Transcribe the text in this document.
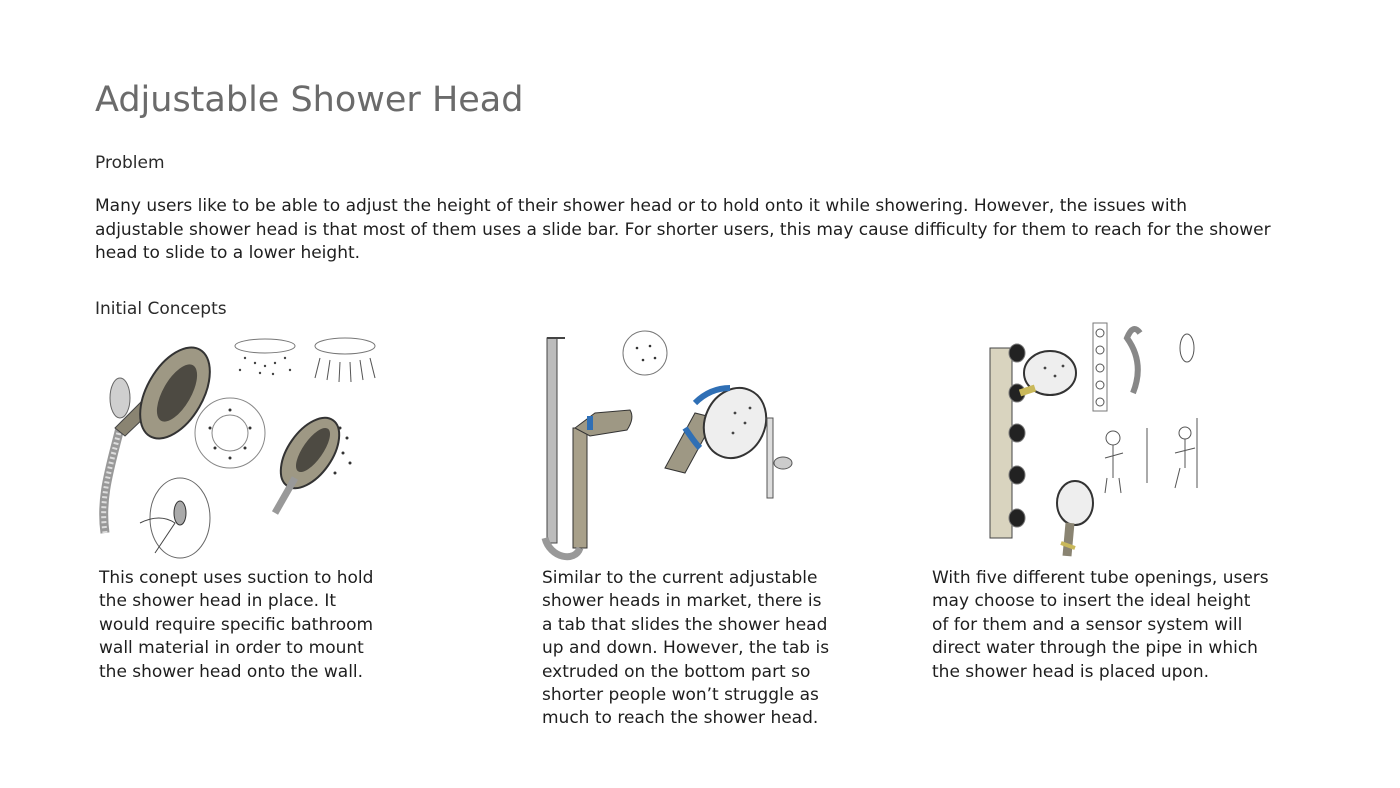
Adjustable Shower Head
Problem

Many users like to be able to adjust the height of their shower head or to hold onto it while showering. However, the issues with adjustable shower head is that most of them uses a slide bar. For shorter users, this may cause difficulty for them to reach for the shower head to slide to a lower height.

Initial Concepts

This conept uses suction to hold
the shower head in place. It
would require specific bathroom
wall material in order to mount
the shower head onto the wall.

Similar to the current adjustable
shower heads in market, there is
a tab that slides the shower head
up and down. However, the tab is
extruded on the bottom part so
shorter people won’t struggle as
much to reach the shower head.

With five different tube openings, users
may choose to insert the ideal height
of for them and a sensor system will
direct water through the pipe in which
the shower head is placed upon.
